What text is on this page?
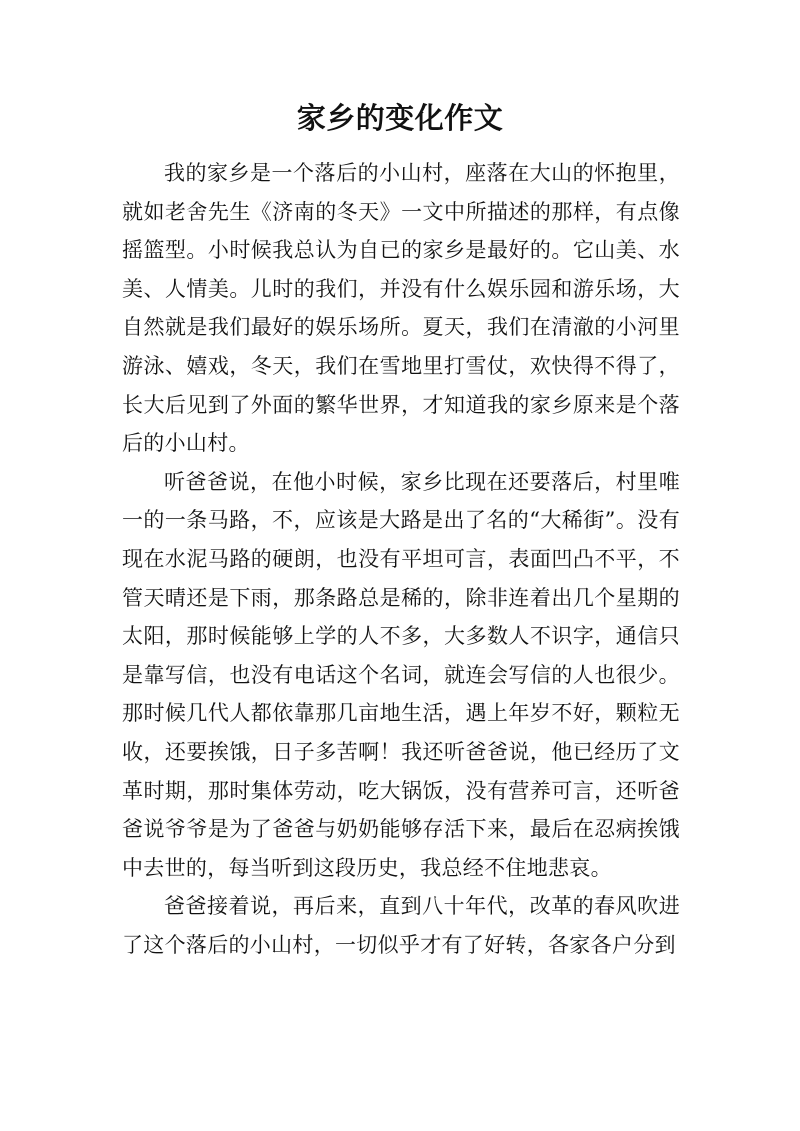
家乡的变化作文

我的家乡是一个落后的小山村，座落在大山的怀抱里，就如老舍先生《济南的冬天》一文中所描述的那样，有点像摇篮型。小时候我总认为自已的家乡是最好的。它山美、水美、人情美。儿时的我们，并没有什么娱乐园和游乐场，大自然就是我们最好的娱乐场所。夏天，我们在清澈的小河里游泳、嬉戏，冬天，我们在雪地里打雪仗，欢快得不得了，长大后见到了外面的繁华世界，才知道我的家乡原来是个落后的小山村。

听爸爸说，在他小时候，家乡比现在还要落后，村里唯一的一条马路，不，应该是大路是出了名的“大稀街”。没有现在水泥马路的硬朗，也没有平坦可言，表面凹凸不平，不管天晴还是下雨，那条路总是稀的，除非连着出几个星期的太阳，那时候能够上学的人不多，大多数人不识字，通信只是靠写信，也没有电话这个名词，就连会写信的人也很少。那时候几代人都依靠那几亩地生活，遇上年岁不好，颗粒无收，还要挨饿，日子多苦啊！我还听爸爸说，他已经历了文革时期，那时集体劳动，吃大锅饭，没有营养可言，还听爸爸说爷爷是为了爸爸与奶奶能够存活下来，最后在忍病挨饿中去世的，每当听到这段历史，我总经不住地悲哀。

爸爸接着说，再后来，直到八十年代，改革的春风吹进了这个落后的小山村，一切似乎才有了好转，各家各户分到
